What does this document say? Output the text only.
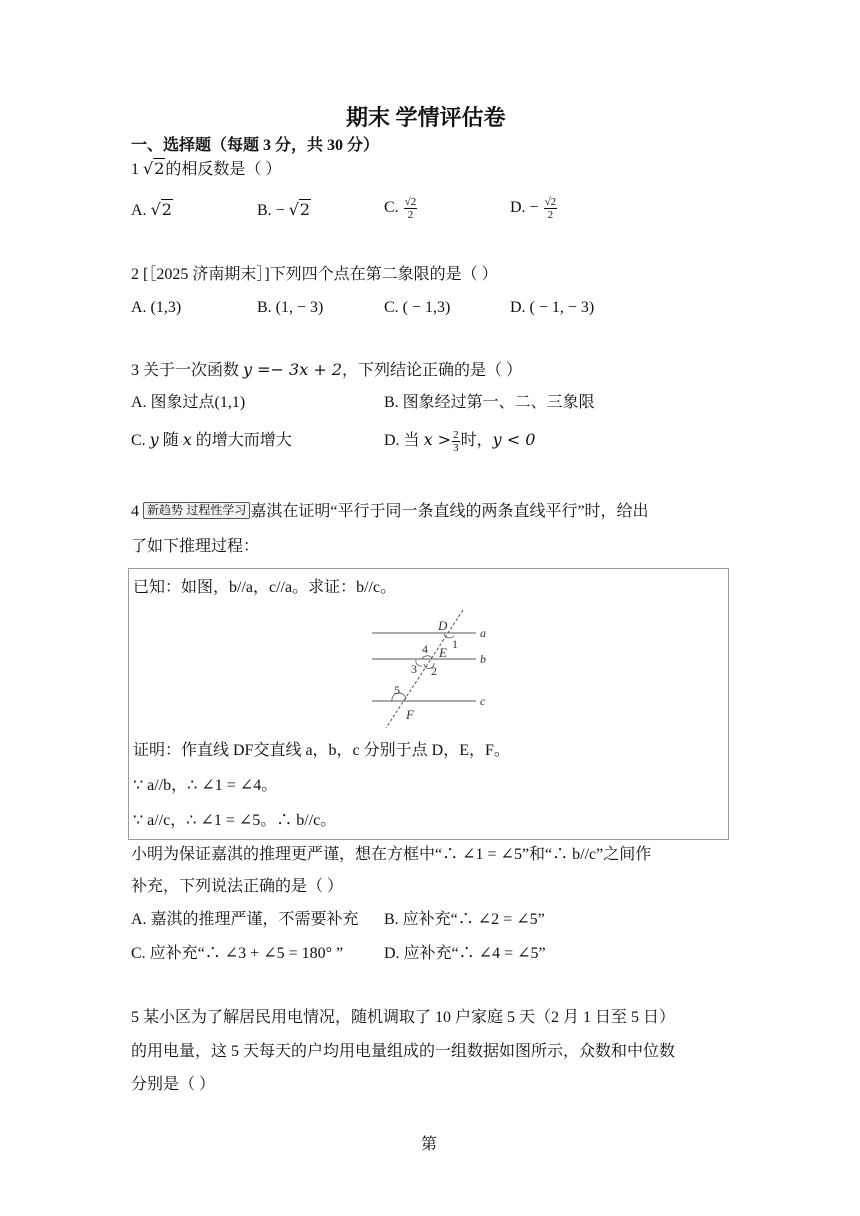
期末 学情评估卷
一、选择题（每题 3 分，共 30 分）
1 √2的相反数是（ ）
A. √2	B. − √2	C. $\frac{√2}{2}$	D. − $\frac{√2}{2}$
2 [［2025 济南期末］]下列四个点在第二象限的是（ ）
A. (1,3)	B. (1, − 3)	C. ( − 1,3)	D. ( − 1, − 3)
3 关于一次函数 y =− 3x + 2，下列结论正确的是（ ）
A. 图象过点(1,1)	B. 图象经过第一、二、三象限
C. y 随 x 的增大而增大	D. 当 $x > \frac{2}{3}$ 时，y < 0
4 新趋势 过程性学习 嘉淇在证明“平行于同一条直线的两条直线平行”时，给出
了如下推理过程：
已知：如图，b//a，c//a。求证：b//c。
D
E
F
a
b
c
1
2
3
4
5
证明：作直线 DF交直线 a，b，c 分别于点 D，E，F。
∵ a//b，∴ ∠1 = ∠4。
∵ a//c，∴ ∠1 = ∠5。∴ b//c。
小明为保证嘉淇的推理更严谨，想在方框中“∴ ∠1 = ∠5”和“∴ b//c”之间作
补充，下列说法正确的是（ ）
A. 嘉淇的推理严谨，不需要补充 B. 应补充“∴ ∠2 = ∠5”
C. 应补充“∴ ∠3 + ∠5 = 180° ”	D. 应补充“∴ ∠4 = ∠5”
5 某小区为了解居民用电情况，随机调取了 10 户家庭 5 天（2 月 1 日至 5 日）
的用电量，这 5 天每天的户均用电量组成的一组数据如图所示，众数和中位数
分别是（ ）
第
